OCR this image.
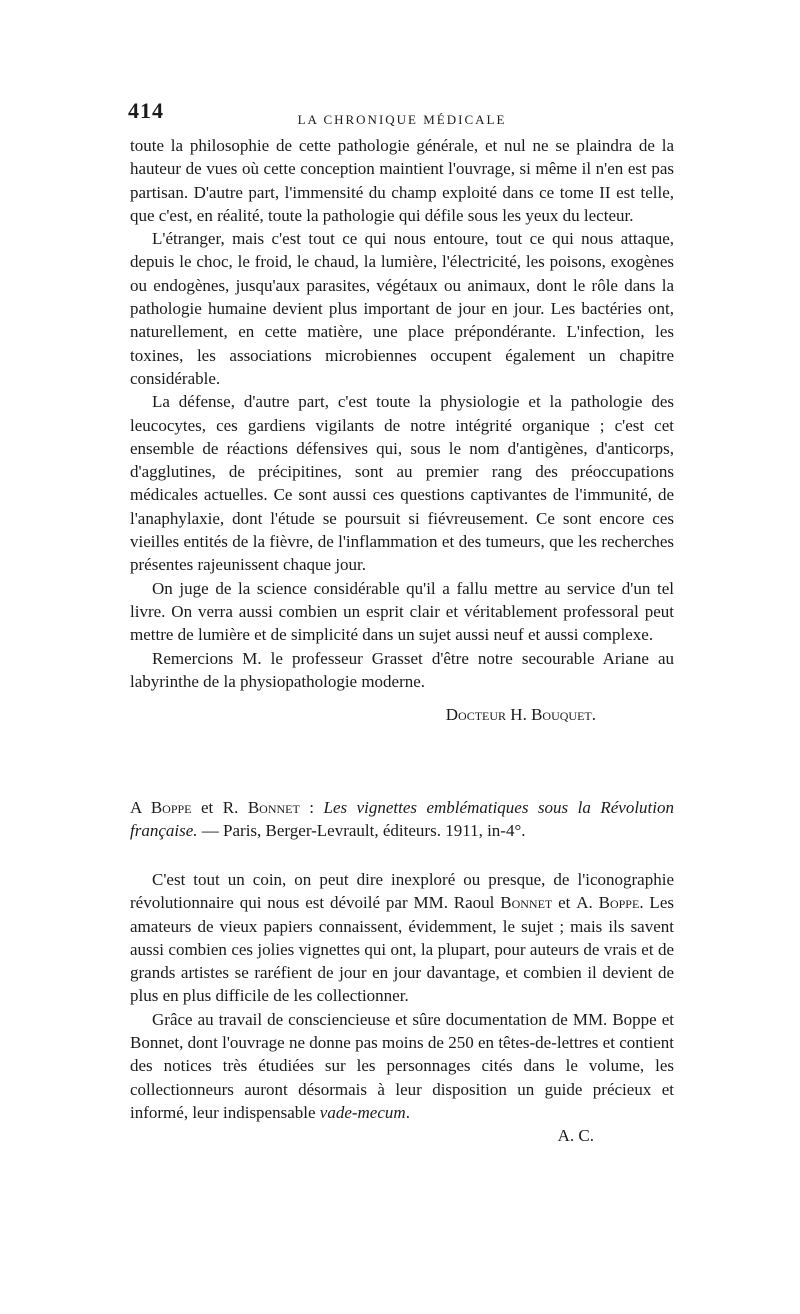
414	LA CHRONIQUE MÉDICALE

toute la philosophie de cette pathologie générale, et nul ne se plaindra de la hauteur de vues où cette conception maintient l'ouvrage, si même il n'en est pas partisan. D'autre part, l'immensité du champ exploité dans ce tome II est telle, que c'est, en réalité, toute la pathologie qui défile sous les yeux du lecteur.

L'étranger, mais c'est tout ce qui nous entoure, tout ce qui nous attaque, depuis le choc, le froid, le chaud, la lumière, l'électricité, les poisons, exogènes ou endogènes, jusqu'aux parasites, végétaux ou animaux, dont le rôle dans la pathologie humaine devient plus important de jour en jour. Les bactéries ont, naturellement, en cette matière, une place prépondérante. L'infection, les toxines, les associations microbiennes occupent également un chapitre considérable.

La défense, d'autre part, c'est toute la physiologie et la pathologie des leucocytes, ces gardiens vigilants de notre intégrité organique ; c'est cet ensemble de réactions défensives qui, sous le nom d'antigènes, d'anticorps, d'agglutines, de précipitines, sont au premier rang des préoccupations médicales actuelles. Ce sont aussi ces questions captivantes de l'immunité, de l'anaphylaxie, dont l'étude se poursuit si fiévreusement. Ce sont encore ces vieilles entités de la fièvre, de l'inflammation et des tumeurs, que les recherches présentes rajeunissent chaque jour.

On juge de la science considérable qu'il a fallu mettre au service d'un tel livre. On verra aussi combien un esprit clair et véritablement professoral peut mettre de lumière et de simplicité dans un sujet aussi neuf et aussi complexe.

Remercions M. le professeur Grasset d'être notre secourable Ariane au labyrinthe de la physiopathologie moderne.

Docteur H. Bouquet.

A Boppe et R. Bonnet : Les vignettes emblématiques sous la Révolution française. — Paris, Berger-Levrault, éditeurs. 1911, in-4°.

C'est tout un coin, on peut dire inexploré ou presque, de l'iconographie révolutionnaire qui nous est dévoilé par MM. Raoul Bonnet et A. Boppe. Les amateurs de vieux papiers connaissent, évidemment, le sujet ; mais ils savent aussi combien ces jolies vignettes qui ont, la plupart, pour auteurs de vrais et de grands artistes se raréfient de jour en jour davantage, et combien il devient de plus en plus difficile de les collectionner.

Grâce au travail de consciencieuse et sûre documentation de MM. Boppe et Bonnet, dont l'ouvrage ne donne pas moins de 250 en têtes-de-lettres et contient des notices très étudiées sur les personnages cités dans le volume, les collectionneurs auront désormais à leur disposition un guide précieux et informé, leur indispensable vade-mecum.

A. C.
